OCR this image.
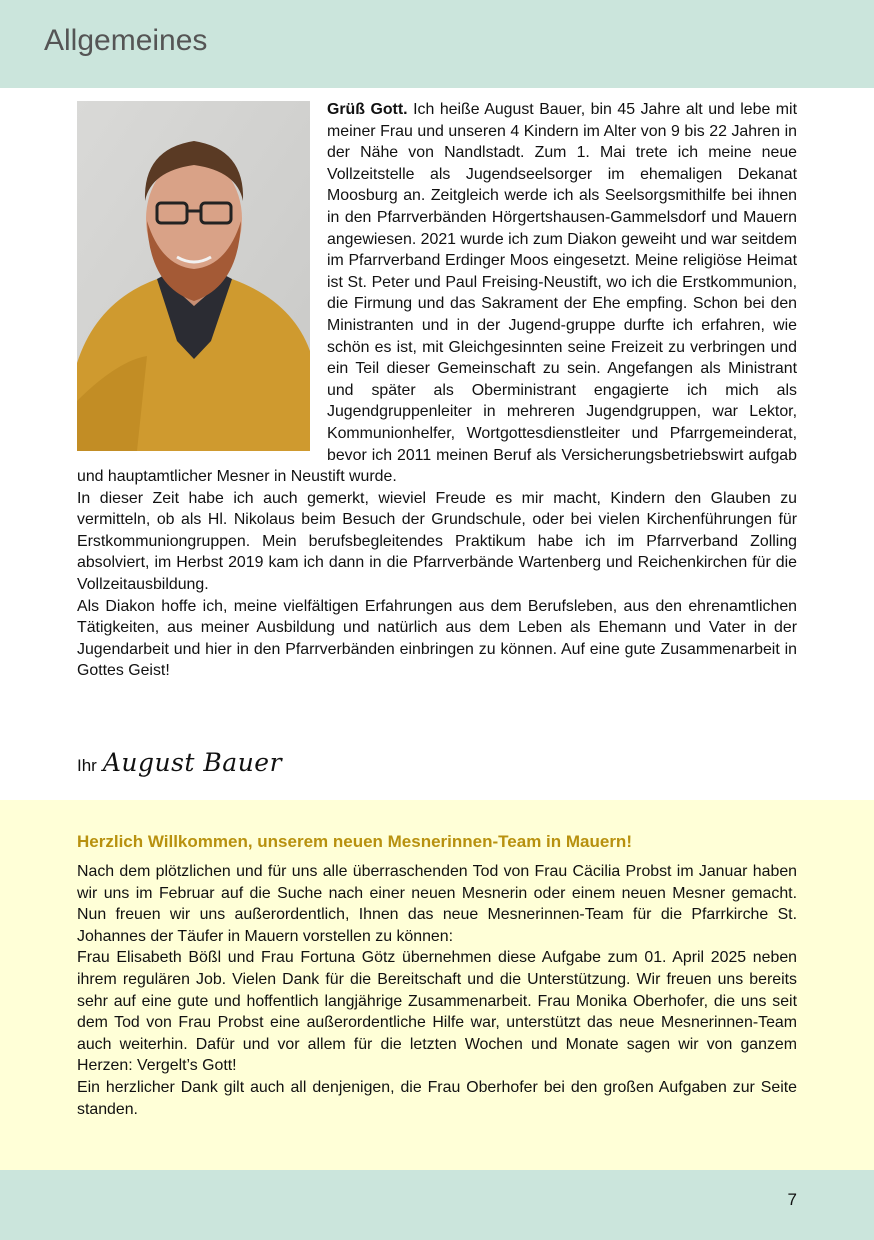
Allgemeines

Grüß Gott. Ich heiße August Bauer, bin 45 Jahre alt und lebe mit meiner Frau und unseren 4 Kindern im Alter von 9 bis 22 Jahren in der Nähe von Nandlstadt. Zum 1. Mai trete ich meine neue Vollzeitstelle als Jugendseelsorger im ehemaligen Dekanat Moosburg an. Zeitgleich werde ich als Seelsorgsmithilfe bei ihnen in den Pfarrverbänden Hörgertshausen-Gammelsdorf und Mauern angewiesen. 2021 wurde ich zum Diakon geweiht und war seitdem im Pfarrverband Erdinger Moos eingesetzt. Meine religiöse Heimat ist St. Peter und Paul Freising-Neustift, wo ich die Erstkommunion, die Firmung und das Sakrament der Ehe empfing. Schon bei den Ministranten und in der Jugend-gruppe durfte ich erfahren, wie schön es ist, mit Gleichgesinnten seine Freizeit zu verbringen und ein Teil dieser Gemeinschaft zu sein. Angefangen als Ministrant und später als Oberministrant engagierte ich mich als Jugendgruppenleiter in mehreren Jugendgruppen, war Lektor, Kommunionhelfer, Wortgottesdienstleiter und Pfarrgemeinderat, bevor ich 2011 meinen Beruf als Versicherungsbetriebswirt aufgab und hauptamtlicher Mesner in Neustift wurde.

In dieser Zeit habe ich auch gemerkt, wieviel Freude es mir macht, Kindern den Glauben zu vermitteln, ob als Hl. Nikolaus beim Besuch der Grundschule, oder bei vielen Kirchenführungen für Erstkommuniongruppen. Mein berufsbegleitendes Praktikum habe ich im Pfarrverband Zolling absolviert, im Herbst 2019 kam ich dann in die Pfarrverbände Wartenberg und Reichenkirchen für die Vollzeitausbildung.

Als Diakon hoffe ich, meine vielfältigen Erfahrungen aus dem Berufsleben, aus den ehrenamtlichen Tätigkeiten, aus meiner Ausbildung und natürlich aus dem Leben als Ehemann und Vater in der Jugendarbeit und hier in den Pfarrverbänden einbringen zu können. Auf eine gute Zusammenarbeit in Gottes Geist!

Ihr August Bauer
Herzlich Willkommen, unserem neuen Mesnerinnen-Team in Mauern!

Nach dem plötzlichen und für uns alle überraschenden Tod von Frau Cäcilia Probst im Januar haben wir uns im Februar auf die Suche nach einer neuen Mesnerin oder einem neuen Mesner gemacht. Nun freuen wir uns außerordentlich, Ihnen das neue Mesnerinnen-Team für die Pfarrkirche St. Johannes der Täufer in Mauern vorstellen zu können:

Frau Elisabeth Bößl und Frau Fortuna Götz übernehmen diese Aufgabe zum 01. April 2025 neben ihrem regulären Job. Vielen Dank für die Bereitschaft und die Unterstützung. Wir freuen uns bereits sehr auf eine gute und hoffentlich langjährige Zusammenarbeit. Frau Monika Oberhofer, die uns seit dem Tod von Frau Probst eine außerordentliche Hilfe war, unterstützt das neue Mesnerinnen-Team auch weiterhin. Dafür und vor allem für die letzten Wochen und Monate sagen wir von ganzem Herzen: Vergelt’s Gott!

Ein herzlicher Dank gilt auch all denjenigen, die Frau Oberhofer bei den großen Aufgaben zur Seite standen.

7
